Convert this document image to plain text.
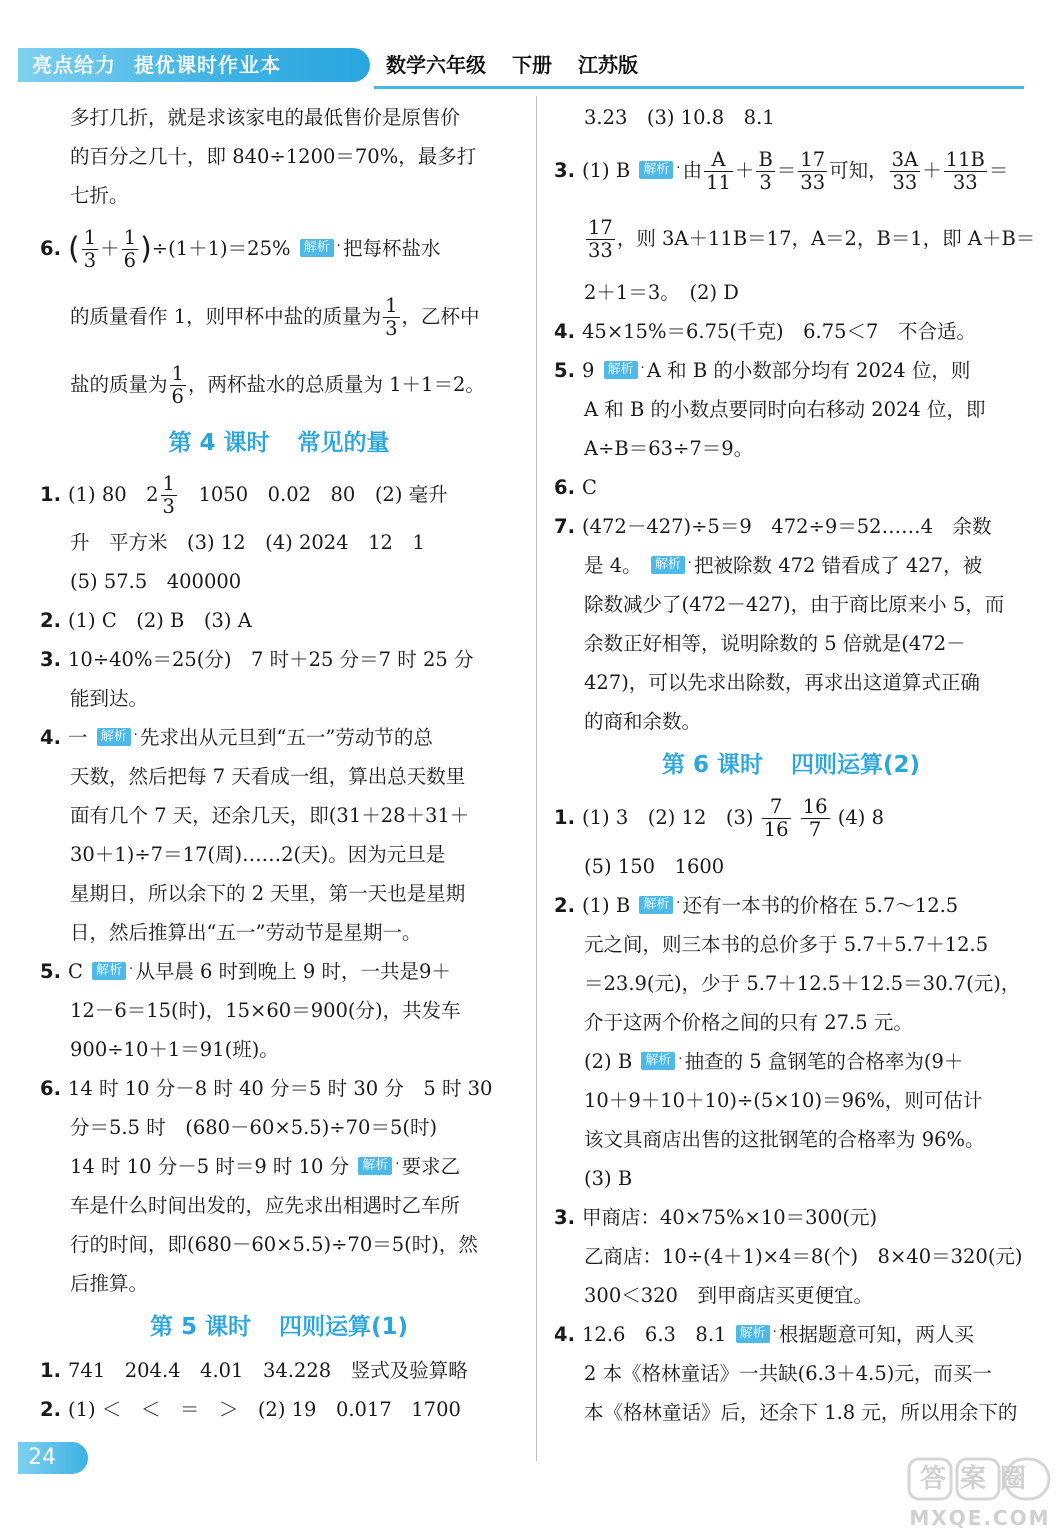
亮点给力 提优课时作业本	数学六年级 下册 江苏版
多打几折，就是求该家电的最低售价是原售价
的百分之几十，即 840÷1200＝70%，最多打
七折。
6. ( $\frac{1}{3} + \frac{1}{6} )\div(1+1)=25\%$ 解析 · 把每杯盐水
的质量看作 1，则甲杯中盐的质量为 $\frac{1}{3}$ ，乙杯中
盐的质量为 $\frac{1}{6}$ ，两杯盐水的总质量为 1＋1＝2。
第 4 课时 常见的量
1. (1) 80　$2 \frac{1}{3}$ 　1050　0.02　80　(2) 毫升
升　平方米　(3) 12　(4) 2024　12　1
(5) 57.5　400000
2. (1) C　(2) B　(3) A
3. 10÷40%＝25(分)　7 时＋25 分＝7 时 25 分
能到达。
4. 一 解析 · 先求出从元旦到“五一”劳动节的总
天数，然后把每 7 天看成一组，算出总天数里
面有几个 7 天，还余几天，即(31＋28＋31＋
30＋1)÷7＝17(周)……2(天)。因为元旦是
星期日，所以余下的 2 天里，第一天也是星期
日，然后推算出“五一”劳动节是星期一。
5. C 解析 · 从早晨 6 时到晚上 9 时，一共是9＋
12－6＝15(时)，15×60＝900(分)，共发车
900÷10＋1＝91(班)。
6. 14 时 10 分－8 时 40 分＝5 时 30 分　5 时 30
分＝5.5 时　(680－60×5.5)÷70＝5(时)
14 时 10 分－5 时＝9 时 10 分 解析 · 要求乙
车是什么时间出发的，应先求出相遇时乙车所
行的时间，即(680－60×5.5)÷70＝5(时)，然
后推算。
第 5 课时 四则运算(1)
1. 741　204.4　4.01　34.228　竖式及验算略
2. (1) ＜　＜　＝　＞　(2) 19　0.017　1700
3.23　(3) 10.8　8.1
3. (1) B 解析 · 由 $\frac{A}{11} + \frac{B}{3} = \frac{17}{33}$ 可知， $\frac{3A}{33} + \frac{11B}{33}$ ＝
$\frac{17}{33}$ ，则 3A＋11B＝17，A＝2，B＝1，即 A＋B＝
2＋1＝3。　(2) D
4. 45×15%＝6.75(千克)　6.75＜7　不合适。
5. 9 解析 · A 和 B 的小数部分均有 2024 位，则
A 和 B 的小数点要同时向右移动 2024 位，即
A÷B＝63÷7＝9。
6. C
7. (472－427)÷5＝9　472÷9＝52……4　余数
是 4。 解析 · 把被除数 472 错看成了 427，被
除数减少了(472－427)，由于商比原来小 5，而
余数正好相等，说明除数的 5 倍就是(472－
427)，可以先求出除数，再求出这道算式正确
的商和余数。
第 6 课时 四则运算(2)
1. (1) 3　(2) 12　$(3) \frac{7}{16}$
$\frac{16}{7} (4)$ 8
(5) 150　1600
2. (1) B 解析 · 还有一本书的价格在 5.7～12.5
元之间，则三本书的总价多于 5.7＋5.7＋12.5
＝23.9(元)，少于 5.7＋12.5＋12.5＝30.7(元)，
介于这两个价格之间的只有 27.5 元。
(2) B 解析 · 抽查的 5 盒钢笔的合格率为(9＋
10＋9＋10＋10)÷(5×10)＝96%，则可估计
该文具商店出售的这批钢笔的合格率为 96%。
(3) B
3. 甲商店：40×75%×10＝300(元)
乙商店：10÷(4＋1)×4＝8(个)　8×40＝320(元)
300＜320　到甲商店买更便宜。
4. 12.6　6.3　8.1 解析 · 根据题意可知，两人买
2 本《格林童话》一共缺(6.3＋4.5)元，而买一
本《格林童话》后，还余下 1.8 元，所以用余下的
24
答案圈
MXQE.COM
